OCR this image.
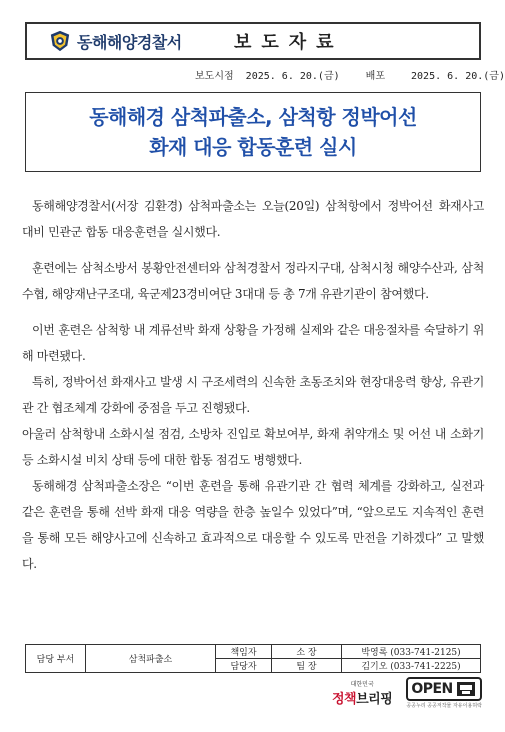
동해해양경찰서	보도자료
보도시점 2025. 6. 20.(금)	배포	2025. 6. 20.(금)
동해해경 삼척파출소, 삼척항 정박어선
화재 대응 합동훈련 실시

동해해양경찰서(서장 김환경) 삼척파출소는 오늘(20일) 삼척항에서 정박어선 화재사고 대비 민관군 합동 대응훈련을 실시했다.

훈련에는 삼척소방서 봉황안전센터와 삼척경찰서 정라지구대, 삼척시청 해양수산과, 삼척수협, 해양재난구조대, 육군제23경비여단 3대대 등 총 7개 유관기관이 참여했다.

이번 훈련은 삼척항 내 계류선박 화재 상황을 가정해 실제와 같은 대응절차를 숙달하기 위해 마련됐다.

특히, 정박어선 화재사고 발생 시 구조세력의 신속한 초동조치와 현장대응력 향상, 유관기관 간 협조체계 강화에 중점을 두고 진행됐다.

아울러 삼척항내 소화시설 점검, 소방차 진입로 확보여부, 화재 취약개소 및 어선 내 소화기 등 소화시설 비치 상태 등에 대한 합동 점검도 병행했다.

동해해경 삼척파출소장은 “이번 훈련을 통해 유관기관 간 협력 체계를 강화하고, 실전과 같은 훈련을 통해 선박 화재 대응 역량을 한층 높일수 있었다”며, “앞으로도 지속적인 훈련을 통해 모든 해양사고에 신속하고 효과적으로 대응할 수 있도록 만전을 기하겠다” 고 말했다.

담당 부서	삼척파출소	책임자	소 장	박영록 (033-741-2125)
		담당자	팀 장	김기오 (033-741-2225)
대한민국
정책브리핑
OPEN
공공누리 공공저작물 자유이용허락
